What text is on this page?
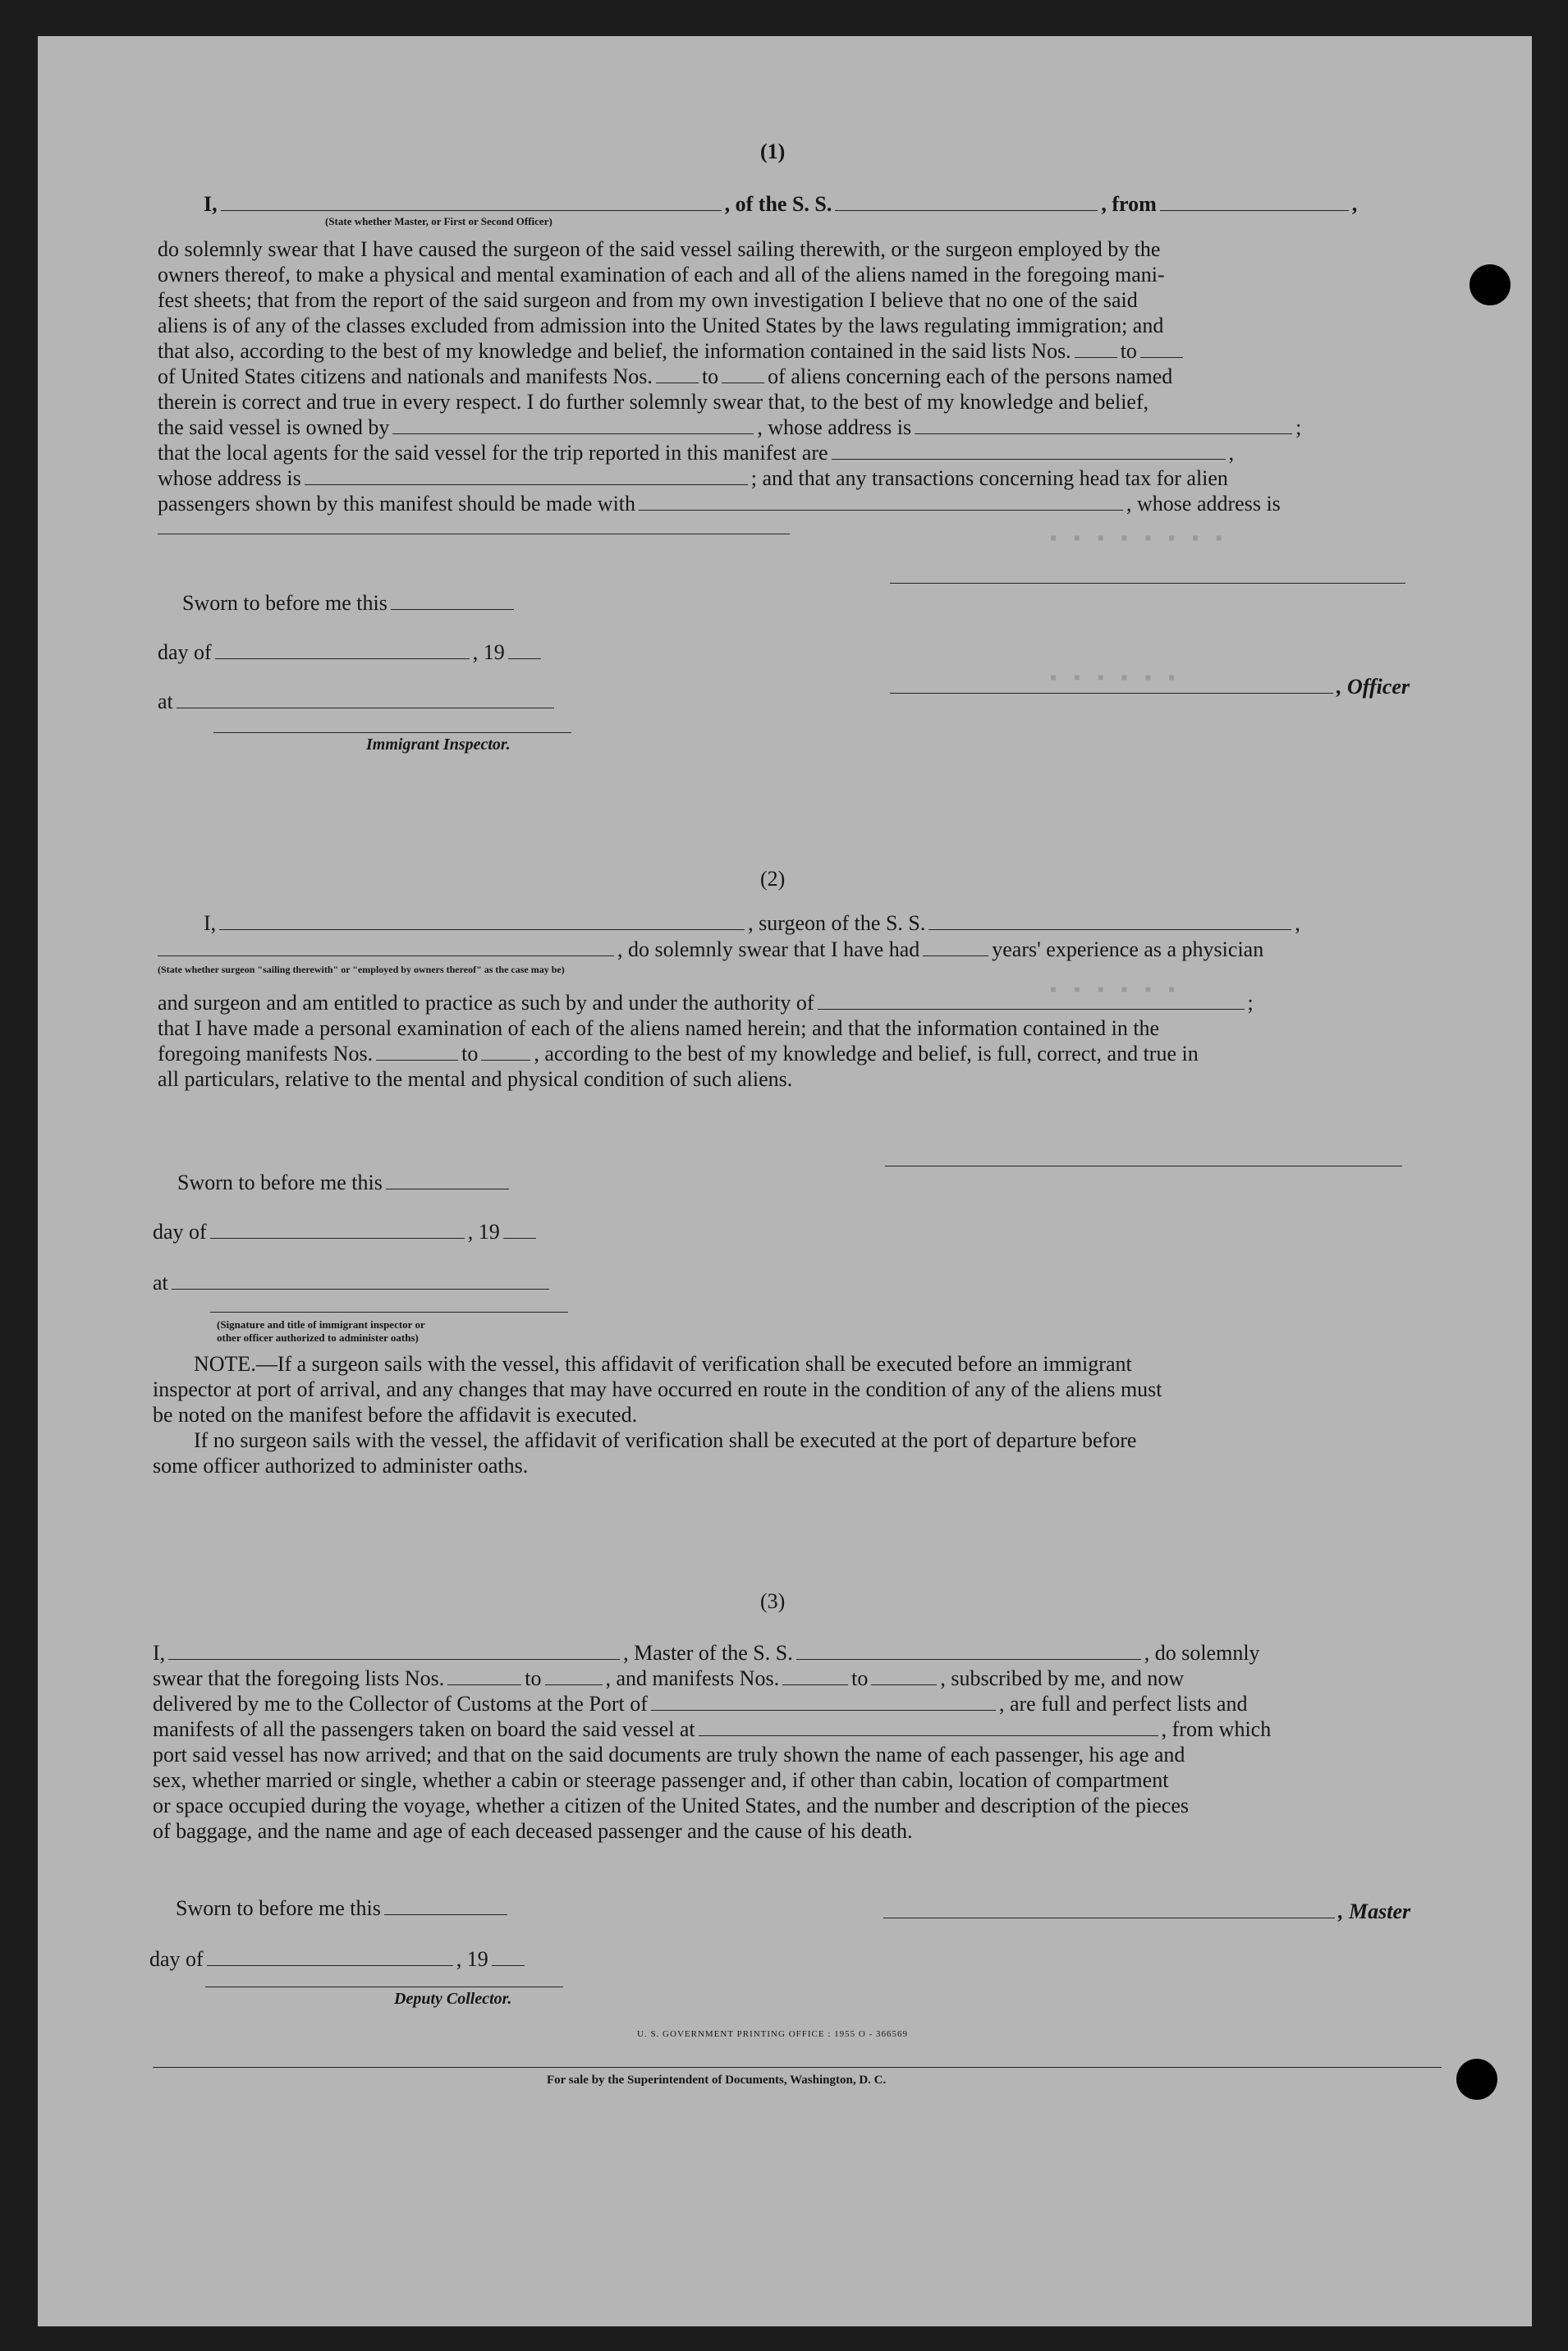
▪ ▪ ▪ ▪ ▪ ▪ ▪ ▪
▪ ▪ ▪ ▪ ▪ ▪
▪ ▪ ▪ ▪ ▪ ▪
(1)
I,	, of the S. S.	, from	,
(State whether Master, or First or Second Officer)
do solemnly swear that I have caused the surgeon of the said vessel sailing therewith, or the surgeon employed by the
owners thereof, to make a physical and mental examination of each and all of the aliens named in the foregoing mani-
fest sheets; that from the report of the said surgeon and from my own investigation I believe that no one of the said
aliens is of any of the classes excluded from admission into the United States by the laws regulating immigration; and
that also, according to the best of my knowledge and belief, the information contained in the said lists Nos. to
of United States citizens and nationals and manifests Nos. to of aliens concerning each of the persons named
therein is correct and true in every respect. I do further solemnly swear that, to the best of my knowledge and belief,
the said vessel is owned by	, whose address is	;
that the local agents for the said vessel for the trip reported in this manifest are	,
whose address is	; and that any transactions concerning head tax for alien
passengers shown by this manifest should be made with	, whose address is
Sworn to before me this
day of	, 19
at
, Officer
Immigrant Inspector.
(2)
I,	, surgeon of the S. S.	,
, do solemnly swear that I have had	years' experience as a physician
(State whether surgeon "sailing therewith" or "employed by owners thereof" as the case may be)
and surgeon and am entitled to practice as such by and under the authority of	;
that I have made a personal examination of each of the aliens named herein; and that the information contained in the
foregoing manifests Nos.	to	, according to the best of my knowledge and belief, is full, correct, and true in
all particulars, relative to the mental and physical condition of such aliens.
Sworn to before me this
day of	, 19
at
(Signature and title of immigrant inspector or
other officer authorized to administer oaths)
NOTE.—If a surgeon sails with the vessel, this affidavit of verification shall be executed before an immigrant
inspector at port of arrival, and any changes that may have occurred en route in the condition of any of the aliens must
be noted on the manifest before the affidavit is executed.
If no surgeon sails with the vessel, the affidavit of verification shall be executed at the port of departure before
some officer authorized to administer oaths.
(3)
I,	, Master of the S. S.	, do solemnly
swear that the foregoing lists Nos.	to	, and manifests Nos.	to	, subscribed by me, and now
delivered by me to the Collector of Customs at the Port of	, are full and perfect lists and
manifests of all the passengers taken on board the said vessel at	, from which
port said vessel has now arrived; and that on the said documents are truly shown the name of each passenger, his age and
sex, whether married or single, whether a cabin or steerage passenger and, if other than cabin, location of compartment
or space occupied during the voyage, whether a citizen of the United States, and the number and description of the pieces
of baggage, and the name and age of each deceased passenger and the cause of his death.
Sworn to before me this	, Master
day of	, 19
Deputy Collector.
U. S. GOVERNMENT PRINTING OFFICE : 1955 O - 366569
For sale by the Superintendent of Documents, Washington, D. C.
